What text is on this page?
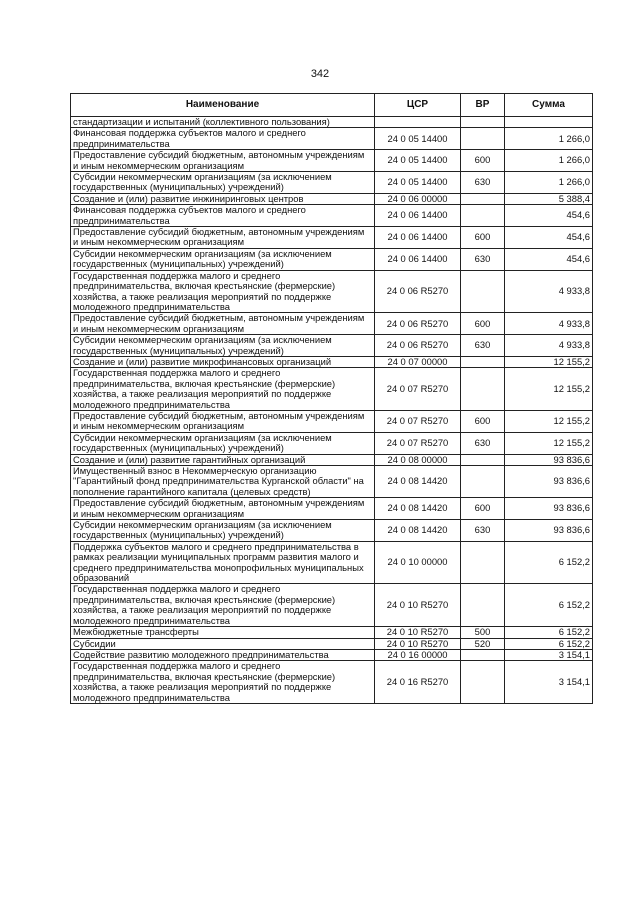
342
Наименование	ЦСР	ВР	Сумма
стандартизации и испытаний (коллективного пользования)			
Финансовая поддержка субъектов малого и среднего предпринимательства	24 0 05 14400		1 266,0
Предоставление субсидий бюджетным, автономным учреждениям и иным некоммерческим организациям	24 0 05 14400	600	1 266,0
Субсидии некоммерческим организациям (за исключением государственных (муниципальных) учреждений)	24 0 05 14400	630	1 266,0
Создание и (или) развитие инжиниринговых центров	24 0 06 00000		5 388,4
Финансовая поддержка субъектов малого и среднего предпринимательства	24 0 06 14400		454,6
Предоставление субсидий бюджетным, автономным учреждениям и иным некоммерческим организациям	24 0 06 14400	600	454,6
Субсидии некоммерческим организациям (за исключением государственных (муниципальных) учреждений)	24 0 06 14400	630	454,6
Государственная поддержка малого и среднего предпринимательства, включая крестьянские (фермерские) хозяйства, а также реализация мероприятий по поддержке молодежного предпринимательства	24 0 06 R5270		4 933,8
Предоставление субсидий бюджетным, автономным учреждениям и иным некоммерческим организациям	24 0 06 R5270	600	4 933,8
Субсидии некоммерческим организациям (за исключением государственных (муниципальных) учреждений)	24 0 06 R5270	630	4 933,8
Создание и (или) развитие микрофинансовых организаций	24 0 07 00000		12 155,2
Государственная поддержка малого и среднего предпринимательства, включая крестьянские (фермерские) хозяйства, а также реализация мероприятий по поддержке молодежного предпринимательства	24 0 07 R5270		12 155,2
Предоставление субсидий бюджетным, автономным учреждениям и иным некоммерческим организациям	24 0 07 R5270	600	12 155,2
Субсидии некоммерческим организациям (за исключением государственных (муниципальных) учреждений)	24 0 07 R5270	630	12 155,2
Создание и (или) развитие гарантийных организаций	24 0 08 00000		93 836,6
Имущественный взнос в Некоммерческую организацию "Гарантийный фонд предпринимательства Курганской области" на пополнение гарантийного капитала (целевых средств)	24 0 08 14420		93 836,6
Предоставление субсидий бюджетным, автономным учреждениям и иным некоммерческим организациям	24 0 08 14420	600	93 836,6
Субсидии некоммерческим организациям (за исключением государственных (муниципальных) учреждений)	24 0 08 14420	630	93 836,6
Поддержка субъектов малого и среднего предпринимательства в рамках реализации муниципальных программ развития малого и среднего предпринимательства монопрофильных муниципальных образований	24 0 10 00000		6 152,2
Государственная поддержка малого и среднего предпринимательства, включая крестьянские (фермерские) хозяйства, а также реализация мероприятий по поддержке молодежного предпринимательства	24 0 10 R5270		6 152,2
Межбюджетные трансферты	24 0 10 R5270	500	6 152,2
Субсидии	24 0 10 R5270	520	6 152,2
Содействие развитию молодежного предпринимательства	24 0 16 00000		3 154,1
Государственная поддержка малого и среднего предпринимательства, включая крестьянские (фермерские) хозяйства, а также реализация мероприятий по поддержке молодежного предпринимательства	24 0 16 R5270		3 154,1
